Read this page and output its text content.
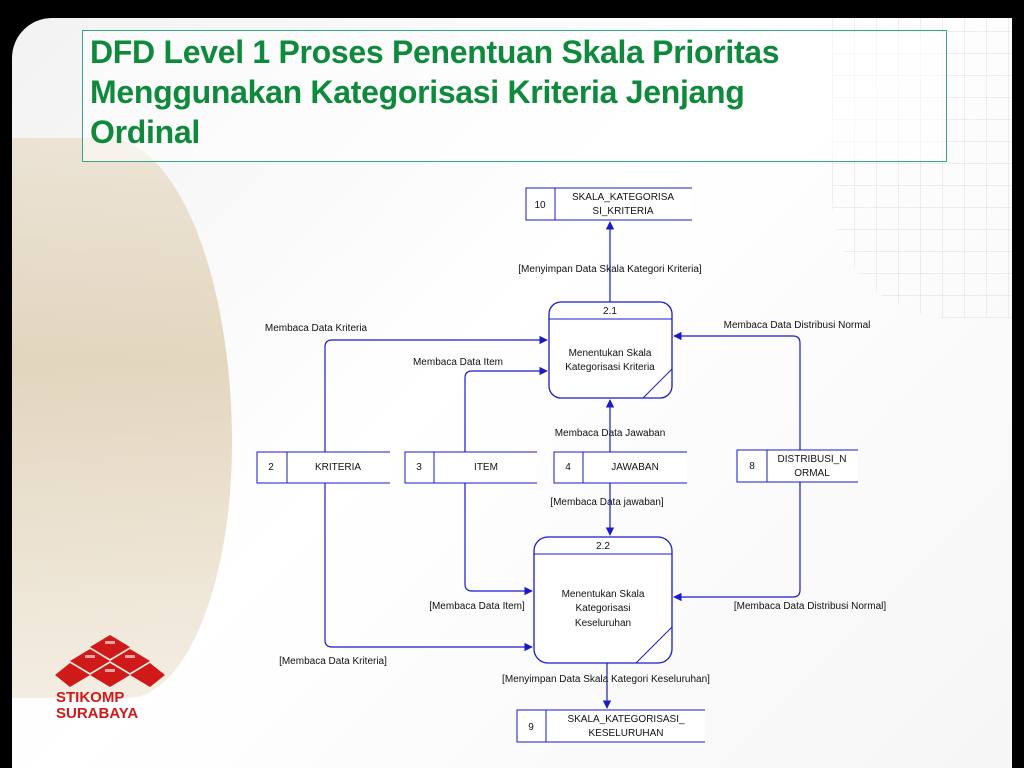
DFD Level 1 Proses Penentuan Skala Prioritas Menggunakan Kategorisasi Kriteria Jenjang Ordinal
STIKOMP
SURABAYA
2.1
Menentukan Skala
Kategorisasi Kriteria
2.2
Menentukan Skala
Kategorisasi
Keseluruhan
10
SKALA_KATEGORISA
SI_KRITERIA
2	KRITERIA	3	ITEM	4	JAWABAN	8
DISTRIBUSI_N
ORMAL
9
SKALA_KATEGORISASI_
KESELURUHAN
[Menyimpan Data Skala Kategori Kriteria]
Membaca Data Kriteria
Membaca Data Item
Membaca Data Distribusi Normal
Membaca Data Jawaban
[Membaca Data jawaban]
[Membaca Data Item]	[Membaca Data Distribusi Normal]
[Membaca Data Kriteria]
[Menyimpan Data Skala Kategori Keseluruhan]
